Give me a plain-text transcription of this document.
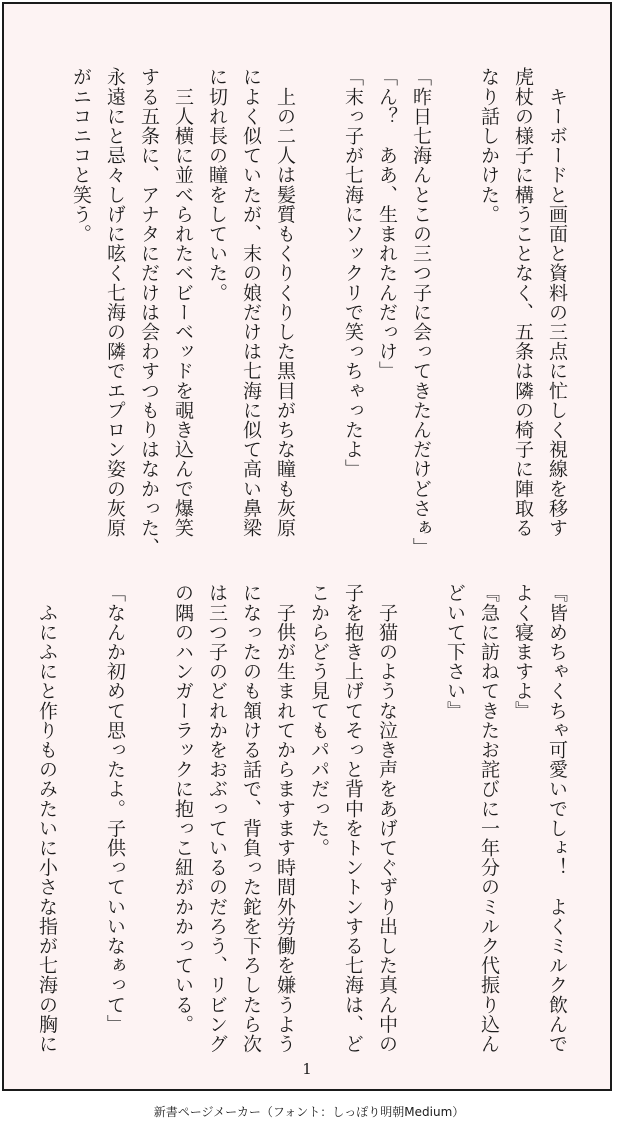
　キーボードと画面と資料の三点に忙しく視線を移す
虎杖の様子に構うことなく、五条は隣の椅子に陣取る
なり話しかけた。
「昨日七海んとこの三つ子に会ってきたんだけどさぁ」
「ん？　ああ、生まれたんだっけ」
「末っ子が七海にソックリで笑っちゃったよ」
　上の二人は髪質もくりくりした黒目がちな瞳も灰原
によく似ていたが、末の娘だけは七海に似て高い鼻梁
に切れ長の瞳をしていた。
　三人横に並べられたベビーベッドを覗き込んで爆笑
する五条に、アナタにだけは会わすつもりはなかった、
永遠にと忌々しげに呟く七海の隣でエプロン姿の灰原
がニコニコと笑う。
『皆めちゃくちゃ可愛いでしょ！　よくミルク飲んで
よく寝ますよ』
『急に訪ねてきたお詫びに一年分のミルク代振り込ん
どいて下さい』
　子猫のような泣き声をあげてぐずり出した真ん中の
子を抱き上げてそっと背中をトントンする七海は、ど
こからどう見てもパパだった。
　子供が生まれてからますます時間外労働を嫌うよう
になったのも頷ける話で、背負った鉈を下ろしたら次
は三つ子のどれかをおぶっているのだろう、リビング
の隅のハンガーラックに抱っこ紐がかかっている。
「なんか初めて思ったよ。子供っていいなぁって」
　ふにふにと作りものみたいに小さな指が七海の胸に
1
新書ページメーカー（フォント：しっぽり明朝Medium）
